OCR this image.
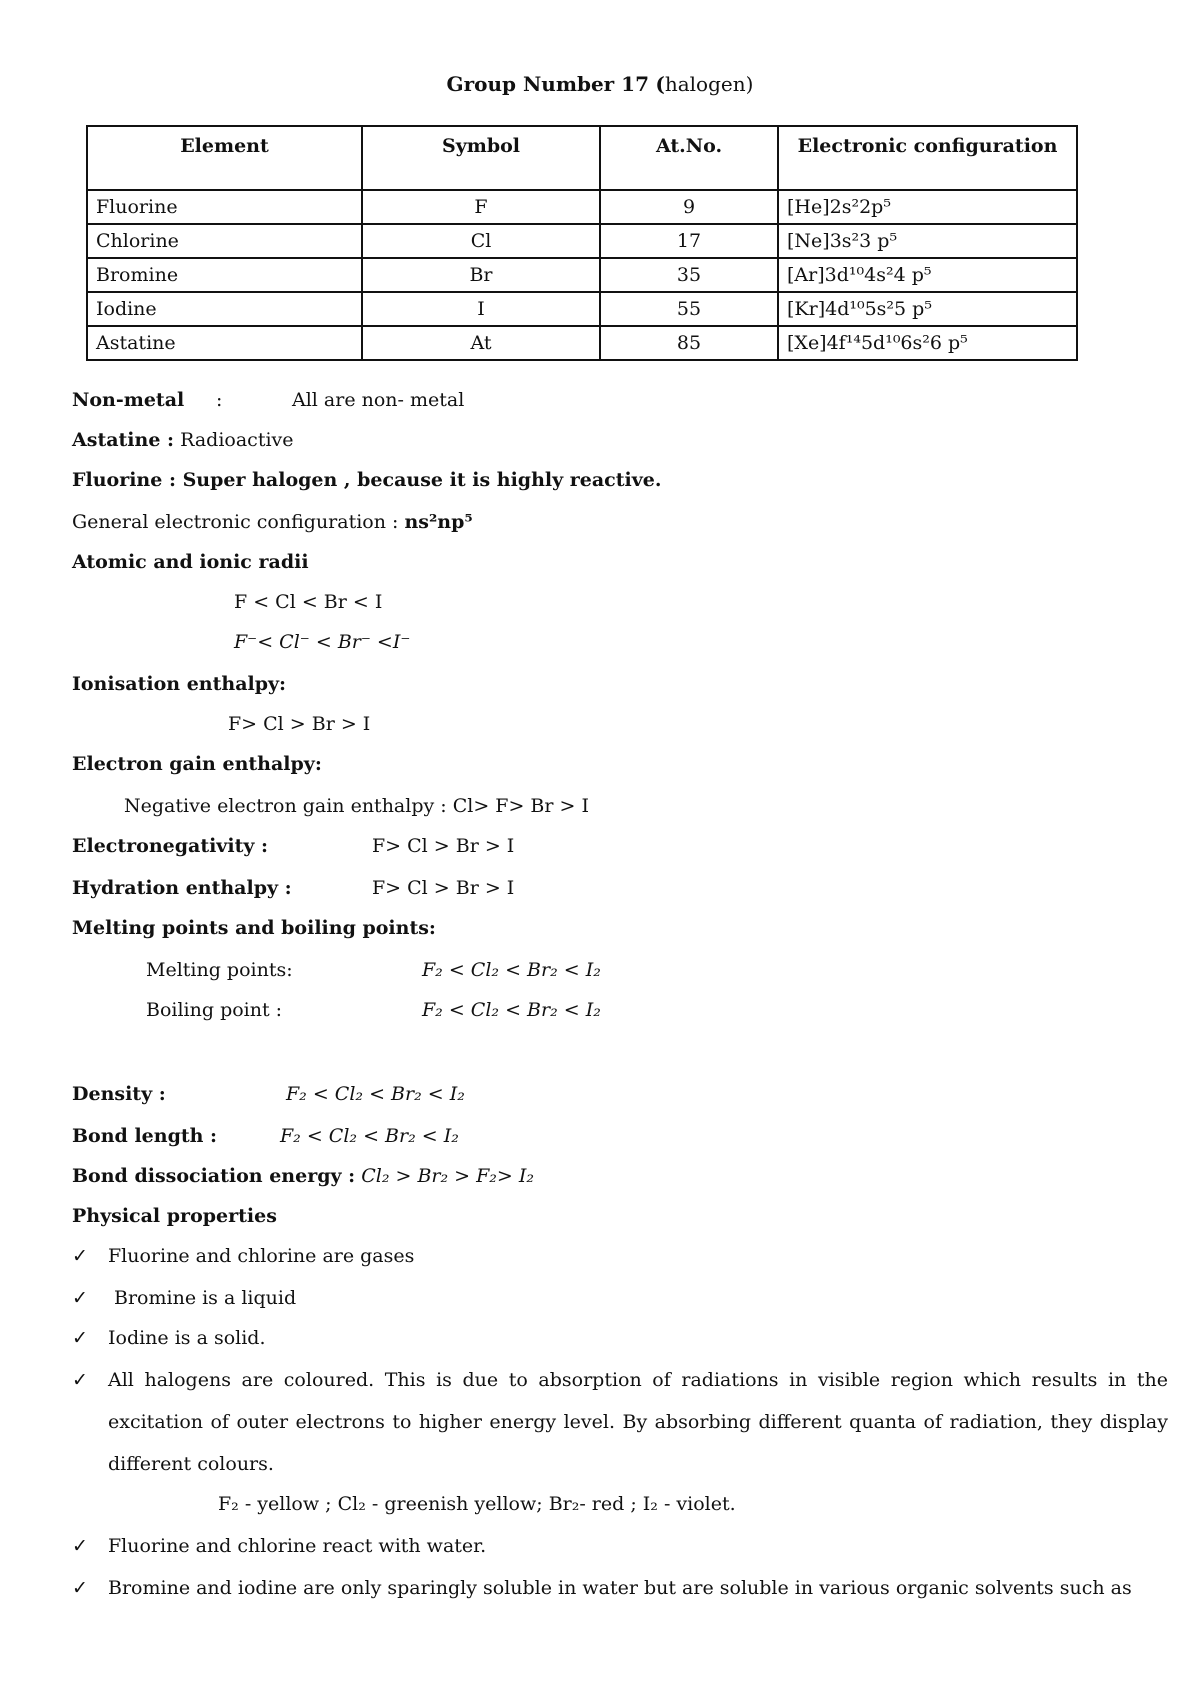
Group Number 17 (halogen)
Element	Symbol	At.No.	Electronic configuration
Fluorine	F	9	[He]2s²2p⁵
Chlorine	Cl	17	[Ne]3s²3 p⁵
Bromine	Br	35	[Ar]3d¹⁰4s²4 p⁵
Iodine	I	55	[Kr]4d¹⁰5s²5 p⁵
Astatine	At	85	[Xe]4f¹⁴5d¹⁰6s²6 p⁵
Non-metal :	All are non- metal
Astatine : Radioactive
Fluorine : Super halogen , because it is highly reactive.
General electronic configuration : ns²np⁵
Atomic and ionic radii
F < Cl < Br < I
F⁻< Cl⁻ < Br⁻ <I⁻
Ionisation enthalpy:
F> Cl > Br > I
Electron gain enthalpy:
Negative electron gain enthalpy : Cl> F> Br > I
Electronegativity :	F> Cl > Br > I
Hydration enthalpy :	F> Cl > Br > I
Melting points and boiling points:
Melting points:	F₂ < Cl₂ < Br₂ < I₂
Boiling point :	F₂ < Cl₂ < Br₂ < I₂
Density :	F₂ < Cl₂ < Br₂ < I₂
Bond length :	F₂ < Cl₂ < Br₂ < I₂
Bond dissociation energy : Cl₂ > Br₂ > F₂> I₂
Physical properties
✓ Fluorine and chlorine are gases
✓ Bromine is a liquid
✓ Iodine is a solid.
✓ All halogens are coloured. This is due to absorption of radiations in visible region which results in the excitation of outer electrons to higher energy level. By absorbing different quanta of radiation, they display different colours.
F₂ - yellow ; Cl₂ - greenish yellow; Br₂- red ; I₂ - violet.
✓ Fluorine and chlorine react with water.
✓ Bromine and iodine are only sparingly soluble in water but are soluble in various organic solvents such as
